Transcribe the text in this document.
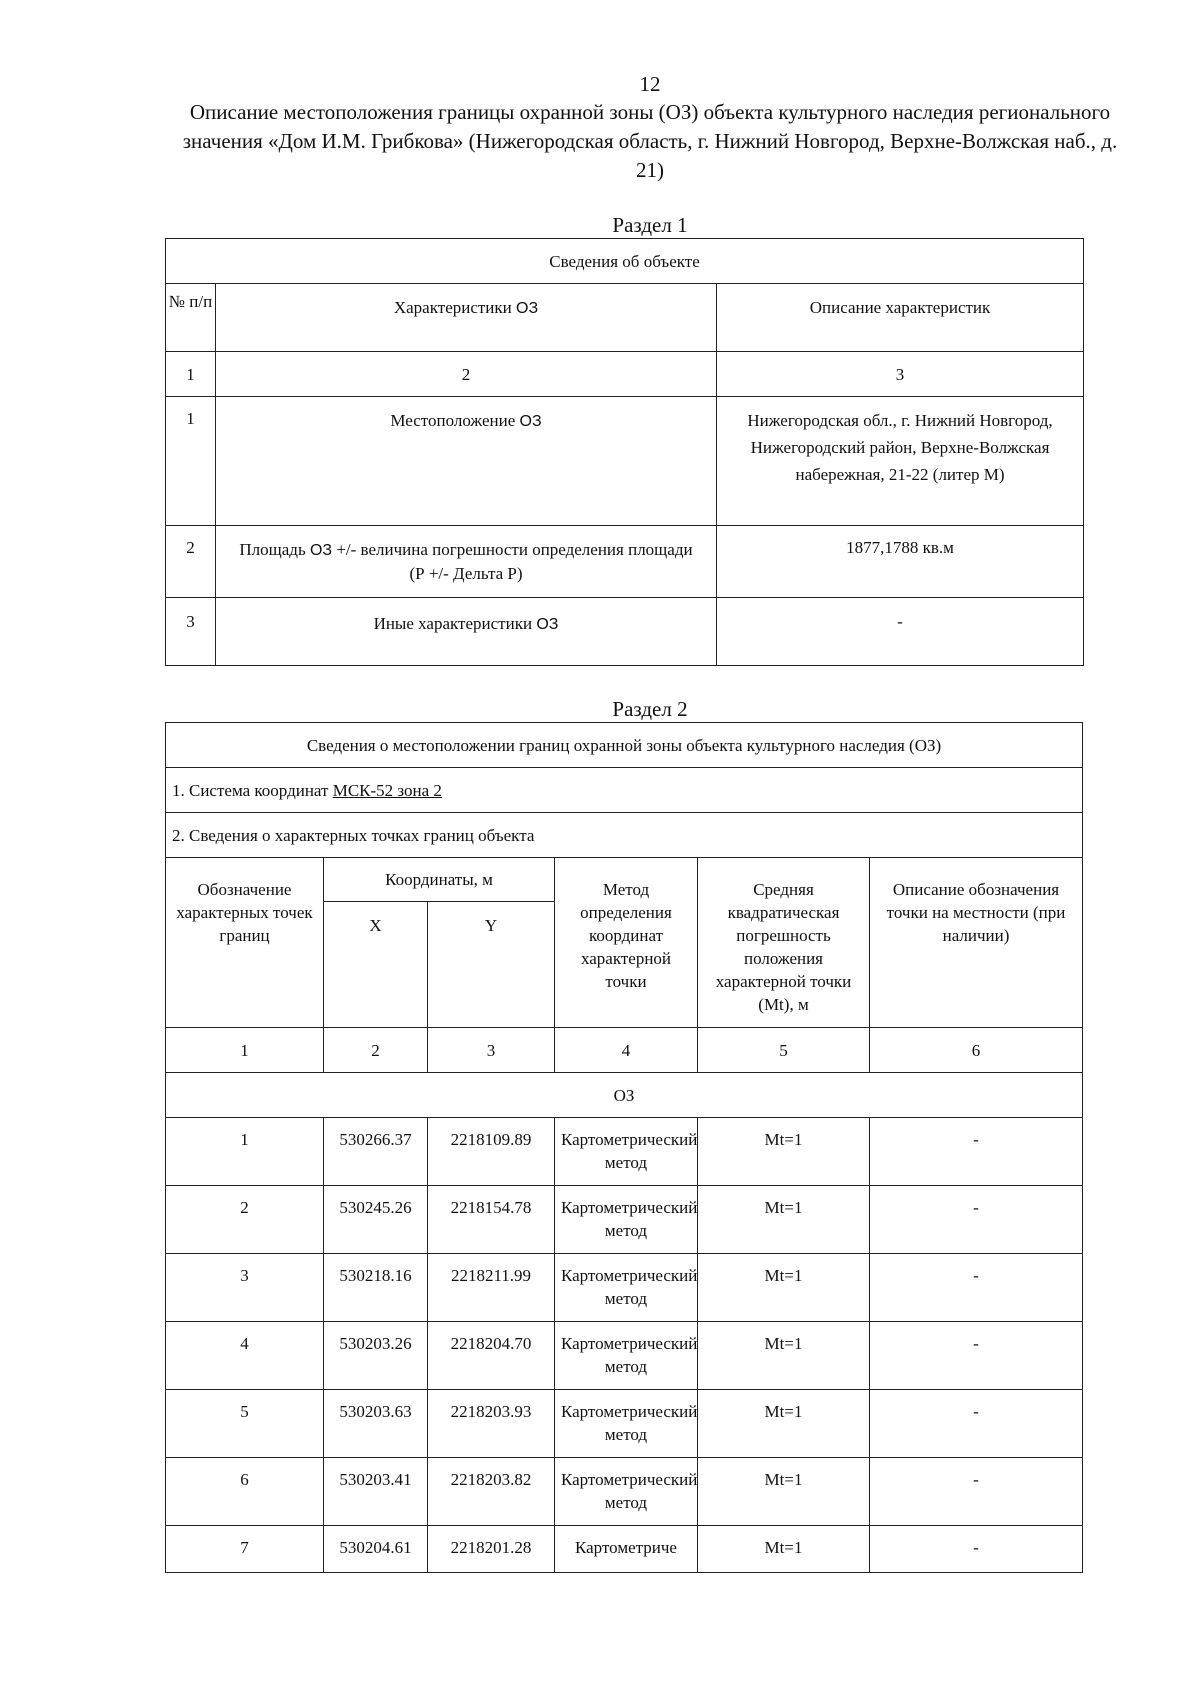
12
Описание местоположения границы охранной зоны (ОЗ) объекта культурного наследия регионального значения «Дом И.М. Грибкова» (Нижегородская область, г. Нижний Новгород, Верхне-Волжская наб., д. 21)
Раздел 1
Сведения об объекте		
№ п/п	Характеристики ОЗ	Описание характеристик
1	2	3
1	Местоположение ОЗ	Нижегородская обл., г. Нижний Новгород, Нижегородский район, Верхне-Волжская набережная, 21-22 (литер М)
2	Площадь ОЗ +/- величина погрешности определения площади (Р +/- Дельта Р)	1877,1788 кв.м
3	Иные характеристики ОЗ	-
Раздел 2
Сведения о местоположении границ охранной зоны объекта культурного наследия (ОЗ)					
1. Система координат МСК-52 зона 2					
2. Сведения о характерных точках границ объекта					
Обозначение характерных точек границ	Координаты, м		Метод определения координат характерной точки	Средняя квадратическая погрешность положения характерной точки (Mt), м	Описание обозначения точки на местности (при наличии)
	X	Y			
1	2	3	4	5	6
ОЗ					
1	530266.37	2218109.89	Картометрический метод	Mt=1	-
2	530245.26	2218154.78	Картометрический метод	Mt=1	-
3	530218.16	2218211.99	Картометрический метод	Mt=1	-
4	530203.26	2218204.70	Картометрический метод	Mt=1	-
5	530203.63	2218203.93	Картометрический метод	Mt=1	-
6	530203.41	2218203.82	Картометрический метод	Mt=1	-
7	530204.61	2218201.28	Картометриче	Mt=1	-
